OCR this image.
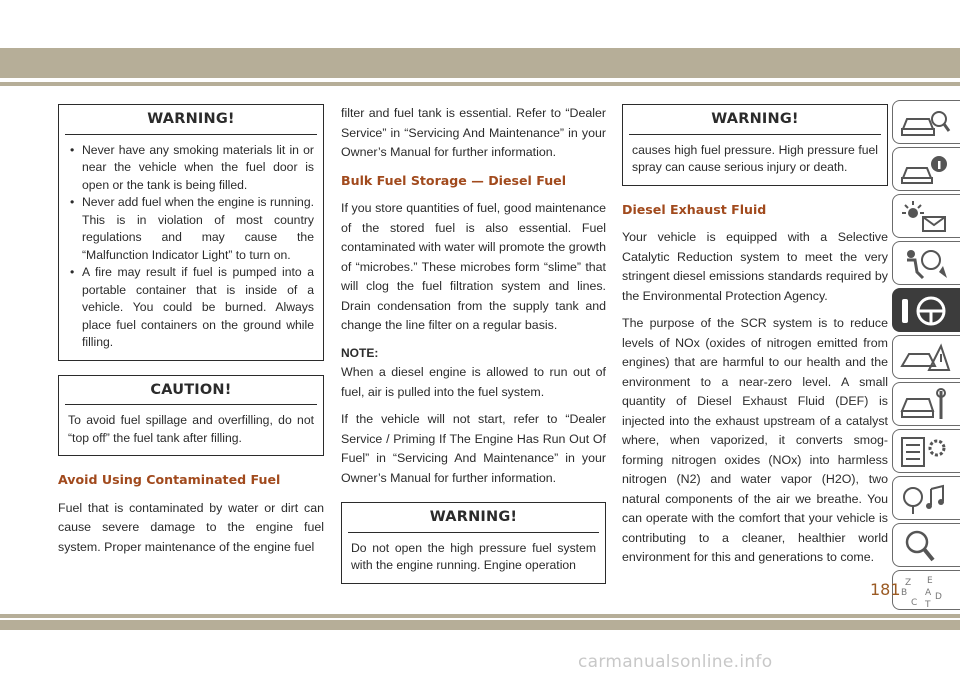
WARNING!
• Never have any smoking materials lit in or near the vehicle when the fuel door is open or the tank is being filled.
• Never add fuel when the engine is running. This is in violation of most country regulations and may cause the “Malfunction Indicator Light” to turn on.
• A fire may result if fuel is pumped into a portable container that is inside of a vehicle. You could be burned. Always place fuel containers on the ground while filling.
CAUTION!
To avoid fuel spillage and overfilling, do not “top off” the fuel tank after filling.
Avoid Using Contaminated Fuel

Fuel that is contaminated by water or dirt can cause severe damage to the engine fuel system. Proper maintenance of the engine fuel

filter and fuel tank is essential. Refer to “Dealer Service” in “Servicing And Maintenance” in your Owner’s Manual for further information.

Bulk Fuel Storage — Diesel Fuel

If you store quantities of fuel, good maintenance of the stored fuel is also essential. Fuel contaminated with water will promote the growth of “microbes.” These microbes form “slime” that will clog the fuel filtration system and lines. Drain condensation from the supply tank and change the line filter on a regular basis.

NOTE:

When a diesel engine is allowed to run out of fuel, air is pulled into the fuel system.

If the vehicle will not start, refer to “Dealer Service / Priming If The Engine Has Run Out Of Fuel” in “Servicing And Maintenance” in your Owner’s Manual for further information.

WARNING!
Do not open the high pressure fuel system with the engine running. Engine operation
WARNING!
causes high fuel pressure. High pressure fuel spray can cause serious injury or death.
Diesel Exhaust Fluid

Your vehicle is equipped with a Selective Catalytic Reduction system to meet the very stringent diesel emissions standards required by the Environmental Protection Agency.

The purpose of the SCR system is to reduce levels of NOx (oxides of nitrogen emitted from engines) that are harmful to our health and the environment to a near-zero level. A small quantity of Diesel Exhaust Fluid (DEF) is injected into the exhaust upstream of a catalyst where, when vaporized, it converts smog-forming nitrogen oxides (NOx) into harmless nitrogen (N2) and water vapor (H2O), two natural components of the air we breathe. You can operate with the comfort that your vehicle is contributing to a cleaner, healthier world environment for this and generations to come.

Z E
B A
C
D
T
181
carmanualsonline.info
